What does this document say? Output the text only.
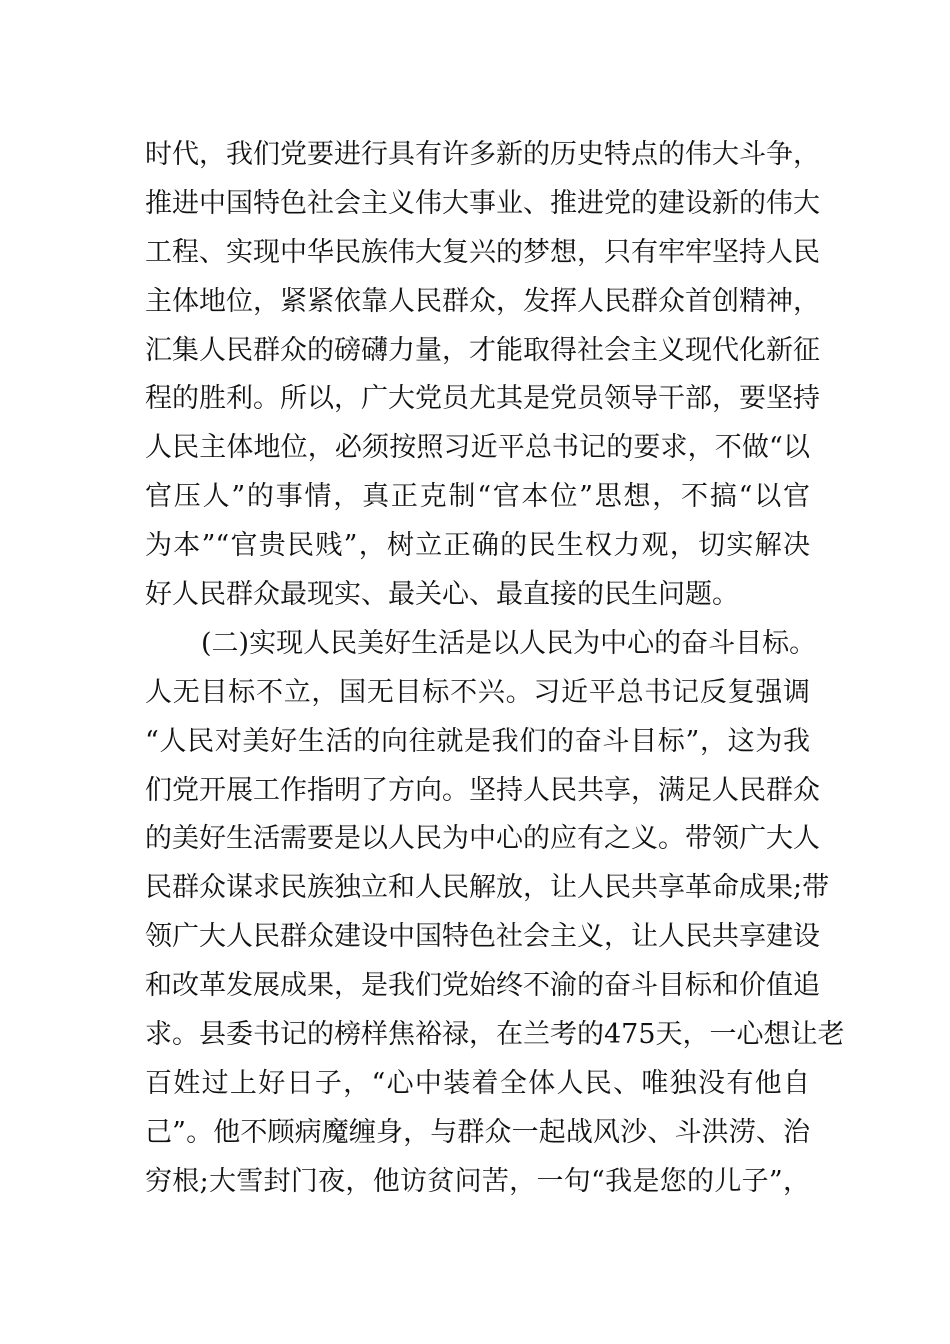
时代，我们党要进行具有许多新的历史特点的伟大斗争，
推进中国特色社会主义伟大事业、推进党的建设新的伟大
工程、实现中华民族伟大复兴的梦想，只有牢牢坚持人民
主体地位，紧紧依靠人民群众，发挥人民群众首创精神，
汇集人民群众的磅礴力量，才能取得社会主义现代化新征
程的胜利。所以，广大党员尤其是党员领导干部，要坚持
人民主体地位，必须按照习近平总书记的要求，不做“以
官压人”的事情，真正克制“官本位”思想，不搞“以官
为本”“官贵民贱”，树立正确的民生权力观，切实解决
好人民群众最现实、最关心、最直接的民生问题。
(二)实现人民美好生活是以人民为中心的奋斗目标。
人无目标不立，国无目标不兴。习近平总书记反复强调
“人民对美好生活的向往就是我们的奋斗目标”，这为我
们党开展工作指明了方向。坚持人民共享，满足人民群众
的美好生活需要是以人民为中心的应有之义。带领广大人
民群众谋求民族独立和人民解放，让人民共享革命成果;带
领广大人民群众建设中国特色社会主义，让人民共享建设
和改革发展成果，是我们党始终不渝的奋斗目标和价值追
求。县委书记的榜样焦裕禄，在兰考的475天，一心想让老
百姓过上好日子，“心中装着全体人民、唯独没有他自
己”。他不顾病魔缠身，与群众一起战风沙、斗洪涝、治
穷根;大雪封门夜，他访贫问苦，一句“我是您的儿子”，
